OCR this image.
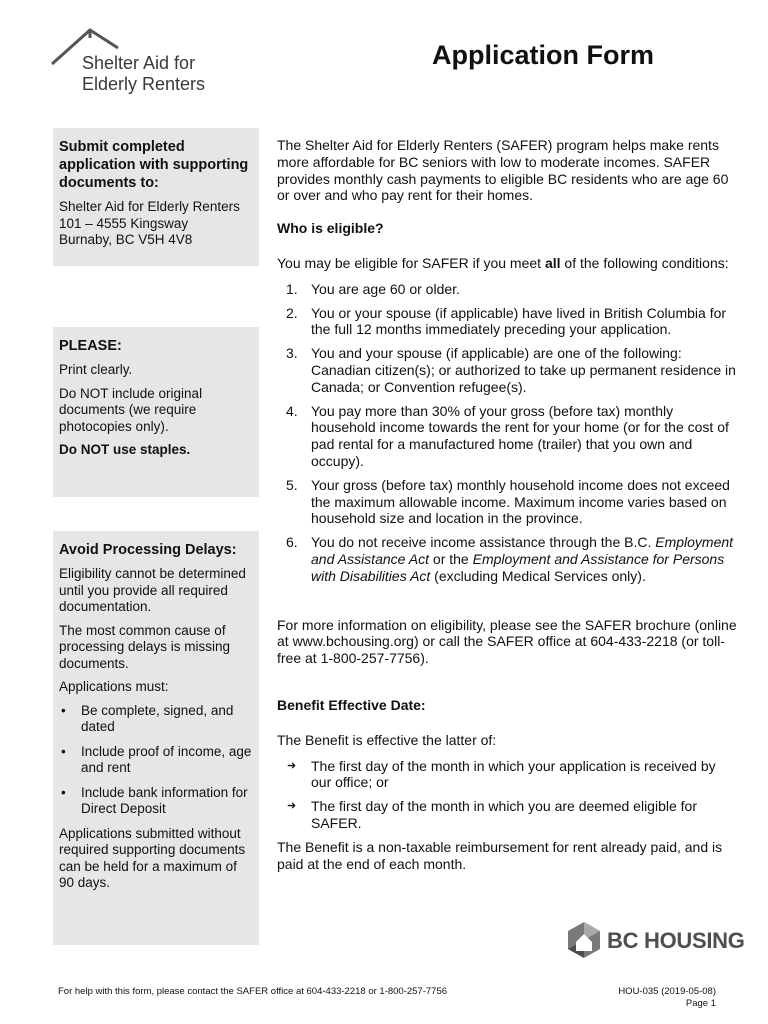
Shelter Aid for
Elderly Renters
Application Form

Submit completed application with supporting documents to:

Shelter Aid for Elderly Renters

101 – 4555 Kingsway

Burnaby, BC V5H 4V8

PLEASE:

Print clearly.

Do NOT include original documents (we require photocopies only).

Do NOT use staples.

Avoid Processing Delays:

Eligibility cannot be determined until you provide all required documentation.

The most common cause of processing delays is missing documents.

Applications must:

• Be complete, signed, and dated
• Include proof of income, age and rent
• Include bank information for Direct Deposit

Applications submitted without required supporting documents can be held for a maximum of 90 days.

The Shelter Aid for Elderly Renters (SAFER) program helps make rents more affordable for BC seniors with low to moderate incomes. SAFER provides monthly cash payments to eligible BC residents who are age 60 or over and who pay rent for their homes.

Who is eligible?

You may be eligible for SAFER if you meet all of the following conditions:

1. You are age 60 or older.
2. You or your spouse (if applicable) have lived in British Columbia for the full 12 months immediately preceding your application.
3. You and your spouse (if applicable) are one of the following: Canadian citizen(s); or authorized to take up permanent residence in Canada; or Convention refugee(s).
4. You pay more than 30% of your gross (before tax) monthly household income towards the rent for your home (or for the cost of pad rental for a manufactured home (trailer) that you own and occupy).
5. Your gross (before tax) monthly household income does not exceed the maximum allowable income. Maximum income varies based on household size and location in the province.
6. You do not receive income assistance through the B.C. Employment and Assistance Act or the Employment and Assistance for Persons with Disabilities Act (excluding Medical Services only).

For more information on eligibility, please see the SAFER brochure (online at www.bchousing.org) or call the SAFER office at 604-433-2218 (or toll-free at 1-800-257-7756).

Benefit Effective Date:

The Benefit is effective the latter of:

➜ The first day of the month in which your application is received by our office; or
➜ The first day of the month in which you are deemed eligible for SAFER.

The Benefit is a non-taxable reimbursement for rent already paid, and is paid at the end of each month.

BC HOUSING
For help with this form, please contact the SAFER office at 604-433-2218 or 1-800-257-7756	HOU-035 (2019-05-08)
Page 1
